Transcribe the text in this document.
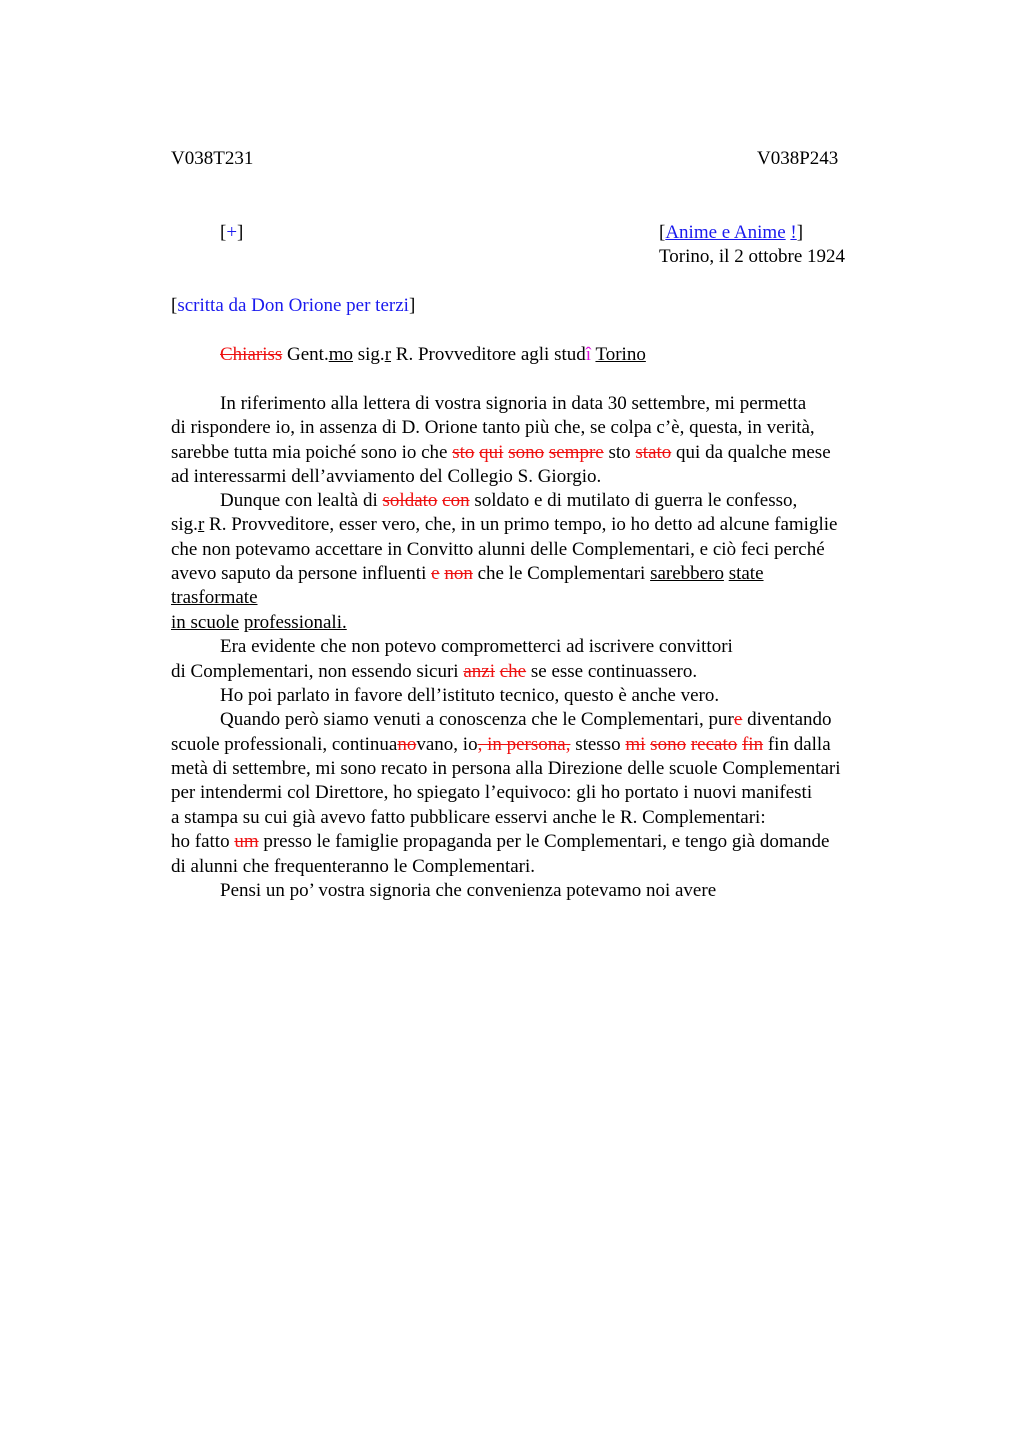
V038T231	V038P243
[+]	[Anime e Anime !]
Torino, il 2 ottobre 1924
[scritta da Don Orione per terzi]
Chiariss Gent.mo sig.r R. Provveditore agli studî Torino
In riferimento alla lettera di vostra signoria in data 30 settembre, mi permetta
di rispondere io, in assenza di D. Orione tanto più che, se colpa c’è, questa, in verità,
sarebbe tutta mia poiché sono io che sto qui sono sempre sto stato qui da qualche mese
ad interessarmi dell’avviamento del Collegio S. Giorgio.
Dunque con lealtà di soldato con soldato e di mutilato di guerra le confesso,
sig.r R. Provveditore, esser vero, che, in un primo tempo, io ho detto ad alcune famiglie
che non potevamo accettare in Convitto alunni delle Complementari, e ciò feci perché
avevo saputo da persone influenti e non che le Complementari sarebbero state
trasformate
in scuole professionali.
Era evidente che non potevo comprometterci ad iscrivere convittori
di Complementari, non essendo sicuri anzi che se esse continuassero.
Ho poi parlato in favore dell’istituto tecnico, questo è anche vero.
Quando però siamo venuti a conoscenza che le Complementari, pure diventando
scuole professionali, continuanovano, io, in persona, stesso mi sono recato fin fin dalla
metà di settembre, mi sono recato in persona alla Direzione delle scuole Complementari
per intendermi col Direttore, ho spiegato l’equivoco: gli ho portato i nuovi manifesti
a stampa su cui già avevo fatto pubblicare esservi anche le R. Complementari:
ho fatto um presso le famiglie propaganda per le Complementari, e tengo già domande
di alunni che frequenteranno le Complementari.
Pensi un po’ vostra signoria che convenienza potevamo noi avere
